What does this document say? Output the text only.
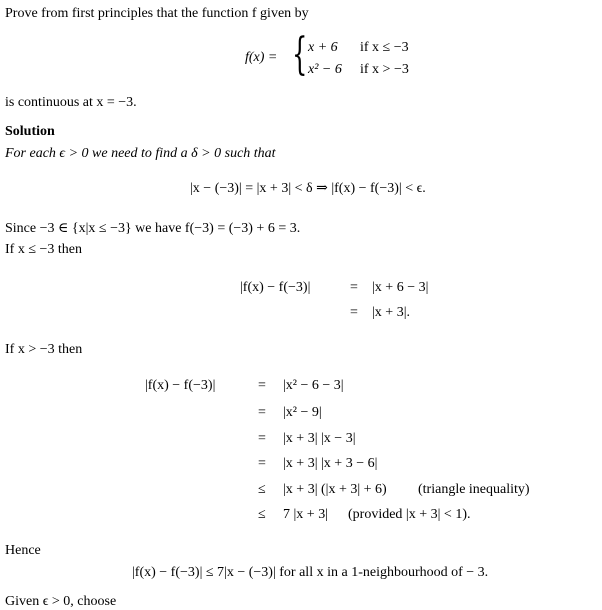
Prove from first principles that the function f given by
f(x) = { x + 6 if x ≤ −3
x² − 6 if x > −3
is continuous at x = −3.
Solution
For each ϵ > 0 we need to find a δ > 0 such that
|x − (−3)| = |x + 3| < δ ⇒ |f(x) − f(−3)| < ϵ.
Since −3 ∈ {x|x ≤ −3} we have f(−3) = (−3) + 6 = 3.
If x ≤ −3 then
|f(x) − f(−3)|	= |x + 6 − 3|
= |x + 3|.
If x > −3 then
|f(x) − f(−3)|	= |x² − 6 − 3|
= |x² − 9|
= |x + 3| |x − 3|
= |x + 3| |x + 3 − 6|
≤ |x + 3| (|x + 3| + 6) (triangle inequality)
≤ 7 |x + 3| (provided |x + 3| < 1).
Hence
|f(x) − f(−3)| ≤ 7|x − (−3)| for all x in a 1-neighbourhood of − 3.
Given ϵ > 0, choose
